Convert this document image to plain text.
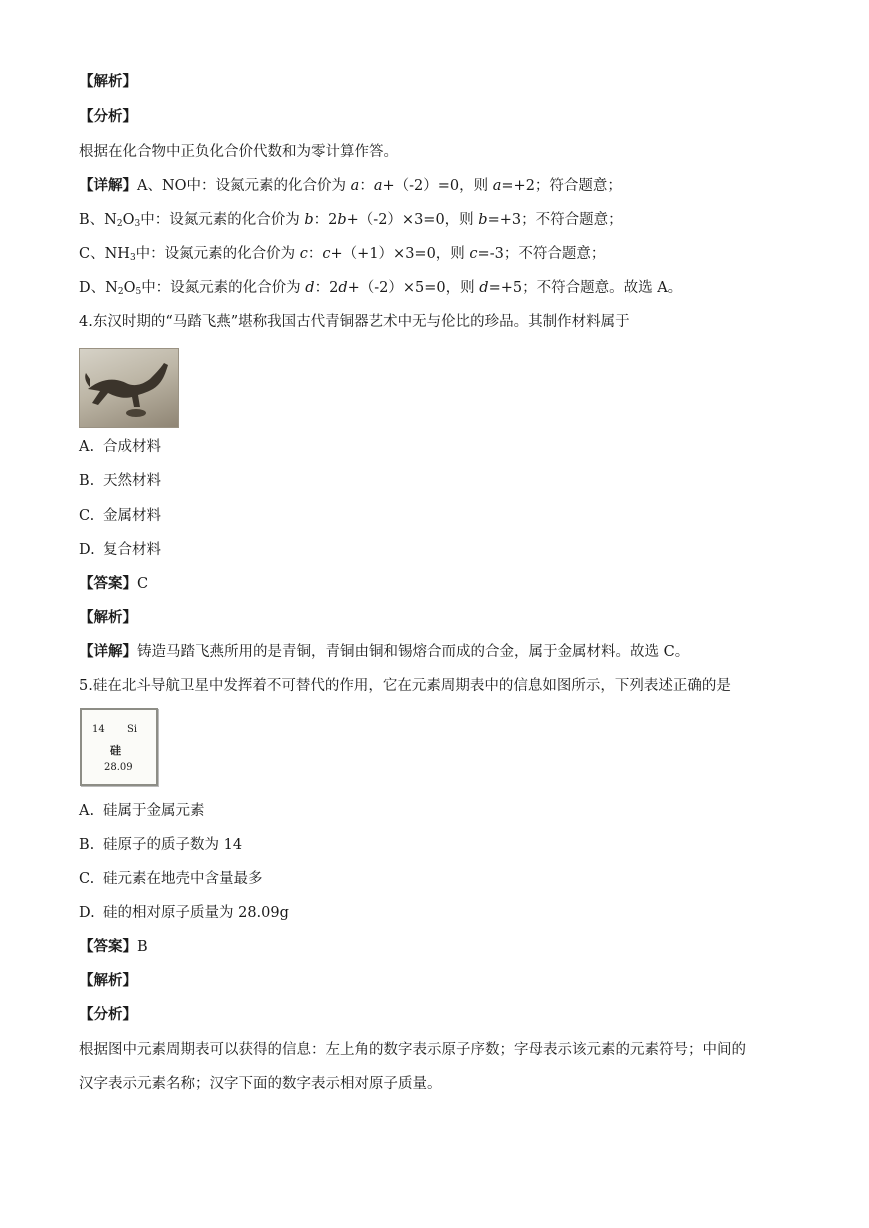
【解析】
【分析】
根据在化合物中正负化合价代数和为零计算作答。
【详解】A、NO中：设氮元素的化合价为 a：a+（-2）=0，则 a=+2；符合题意；
B、$N_2O_3$中：设氮元素的化合价为 b：2b+（-2）×3=0，则 b=+3；不符合题意；
C、$NH_3$中：设氮元素的化合价为 c：c+（+1）×3=0，则 c=-3；不符合题意；
D、$N_2O_5$中：设氮元素的化合价为 d：2d+（-2）×5=0，则 d=+5；不符合题意。故选 A。
4.东汉时期的“马踏飞燕”堪称我国古代青铜器艺术中无与伦比的珍品。其制作材料属于
A. 合成材料
B. 天然材料
C. 金属材料
D. 复合材料
【答案】C
【解析】
【详解】铸造马踏飞燕所用的是青铜，青铜由铜和锡熔合而成的合金，属于金属材料。故选 C。
5.硅在北斗导航卫星中发挥着不可替代的作用，它在元素周期表中的信息如图所示，下列表述正确的是
14 Si
硅
28.09
A. 硅属于金属元素
B. 硅原子的质子数为 14
C. 硅元素在地壳中含量最多
D. 硅的相对原子质量为 28.09g
【答案】B
【解析】
【分析】
根据图中元素周期表可以获得的信息：左上角的数字表示原子序数；字母表示该元素的元素符号；中间的
汉字表示元素名称；汉字下面的数字表示相对原子质量。
